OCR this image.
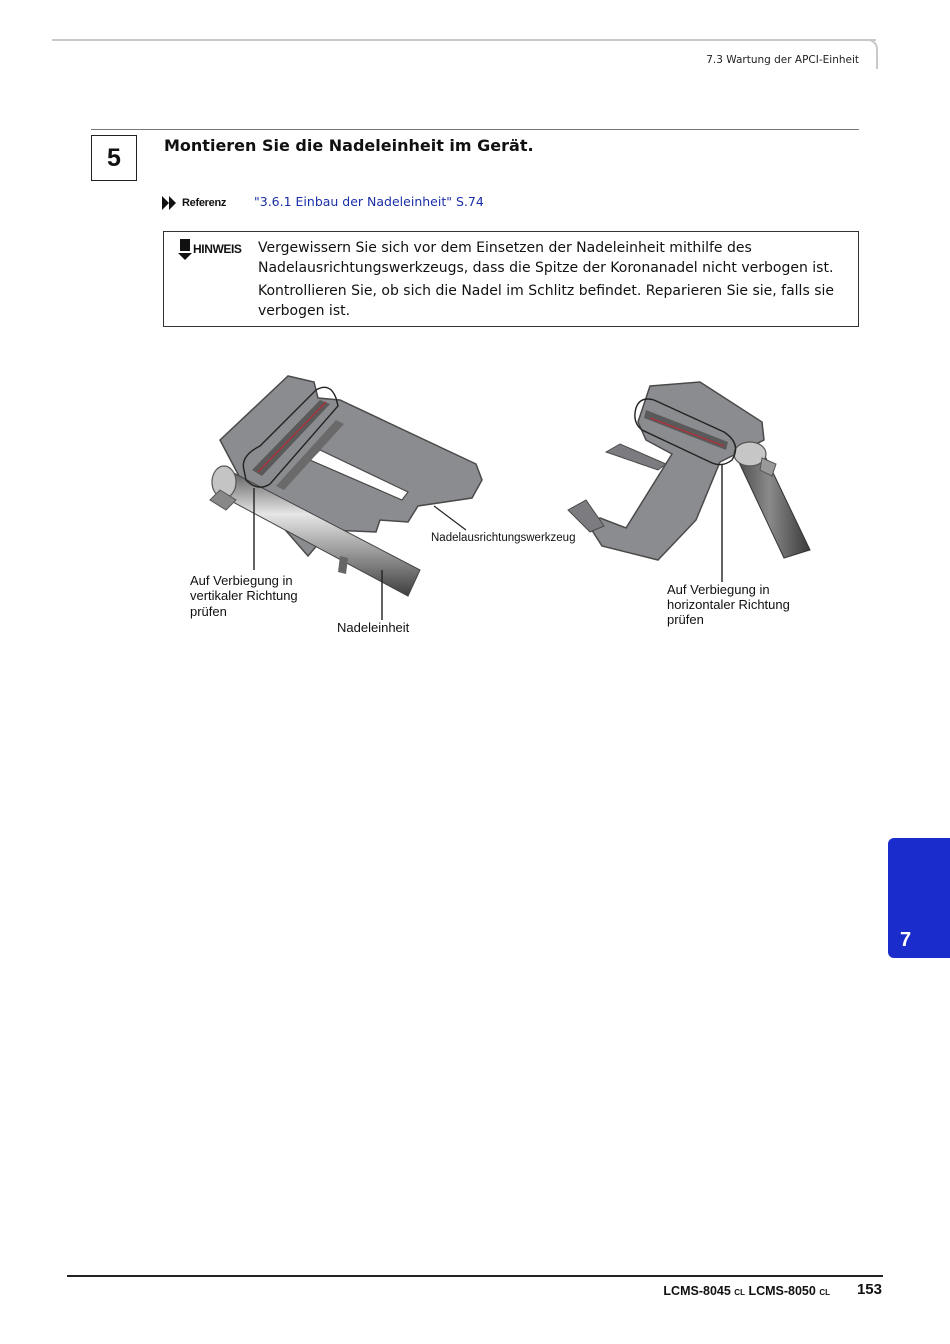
7.3 Wartung der APCI-Einheit
5	Montieren Sie die Nadeleinheit im Gerät.
Referenz "3.6.1 Einbau der Nadeleinheit" S.74
HINWEIS Vergewissern Sie sich vor dem Einsetzen der Nadeleinheit mithilfe des Nadelausrichtungswerkzeugs, dass die Spitze der Koronanadel nicht verbogen ist.

Kontrollieren Sie, ob sich die Nadel im Schlitz befindet. Reparieren Sie sie, falls sie verbogen ist.

Nadelausrichtungswerkzeug
Auf Verbiegung in vertikaler Richtung prüfen
Nadeleinheit
Auf Verbiegung in horizontaler Richtung prüfen
7
LCMS-8045 CL LCMS-8050 CL 153
